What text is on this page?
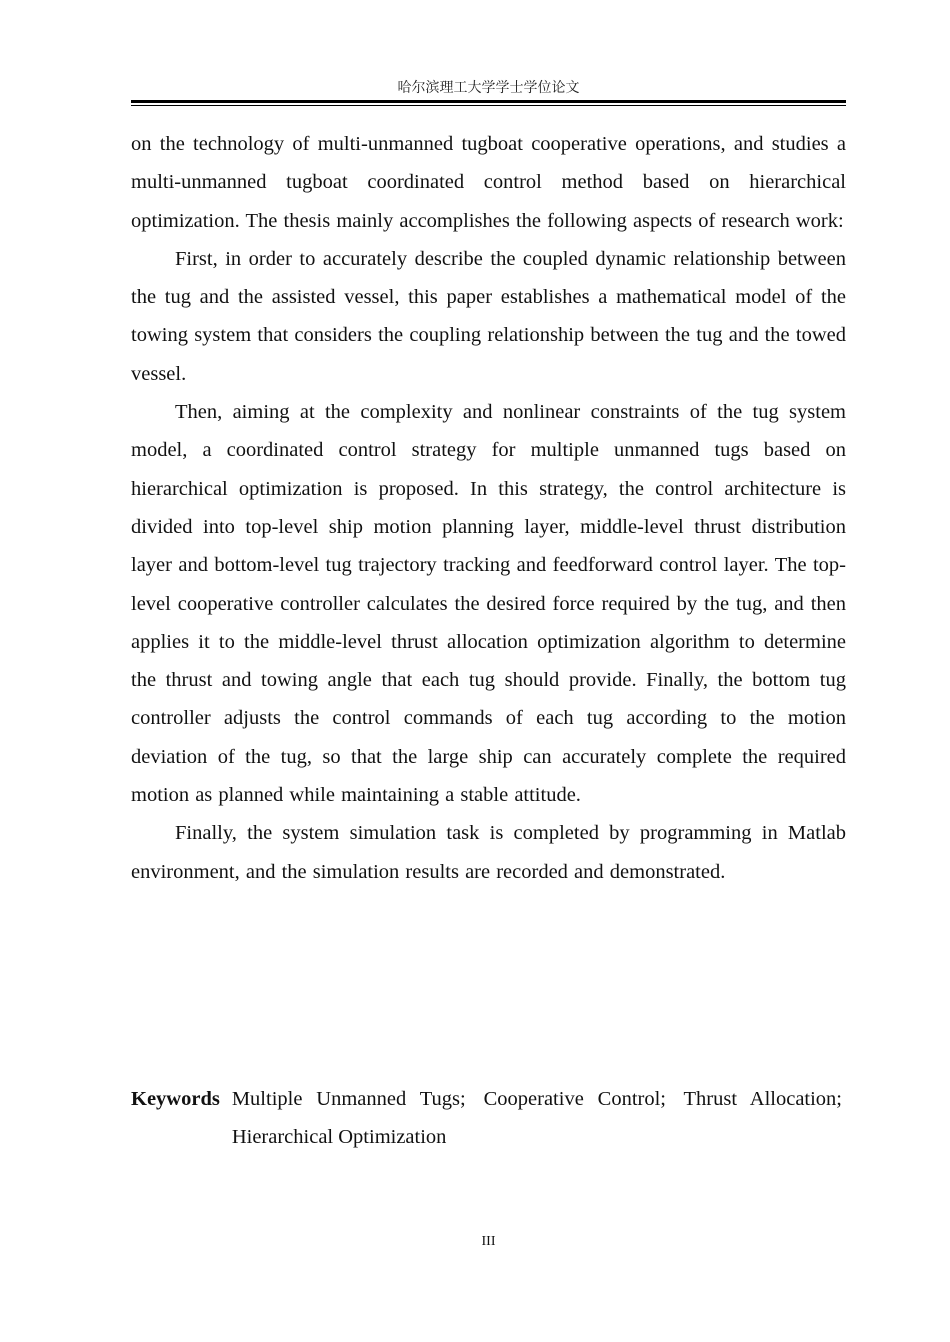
哈尔滨理工大学学士学位论文

on the technology of multi-unmanned tugboat cooperative operations, and studies a multi-unmanned tugboat coordinated control method based on hierarchical optimization. The thesis mainly accomplishes the following aspects of research work:

First, in order to accurately describe the coupled dynamic relationship between the tug and the assisted vessel, this paper establishes a mathematical model of the towing system that considers the coupling relationship between the tug and the towed vessel.

Then, aiming at the complexity and nonlinear constraints of the tug system model, a coordinated control strategy for multiple unmanned tugs based on hierarchical optimization is proposed. In this strategy, the control architecture is divided into top-level ship motion planning layer, middle-level thrust distribution layer and bottom-level tug trajectory tracking and feedforward control layer. The top-level cooperative controller calculates the desired force required by the tug, and then applies it to the middle-level thrust allocation optimization algorithm to determine the thrust and towing angle that each tug should provide. Finally, the bottom tug controller adjusts the control commands of each tug according to the motion deviation of the tug, so that the large ship can accurately complete the required motion as planned while maintaining a stable attitude.

Finally, the system simulation task is completed by programming in Matlab environment, and the simulation results are recorded and demonstrated.

Keywords Multiple Unmanned Tugs; Cooperative Control; Thrust Allocation; Hierarchical Optimization
III
